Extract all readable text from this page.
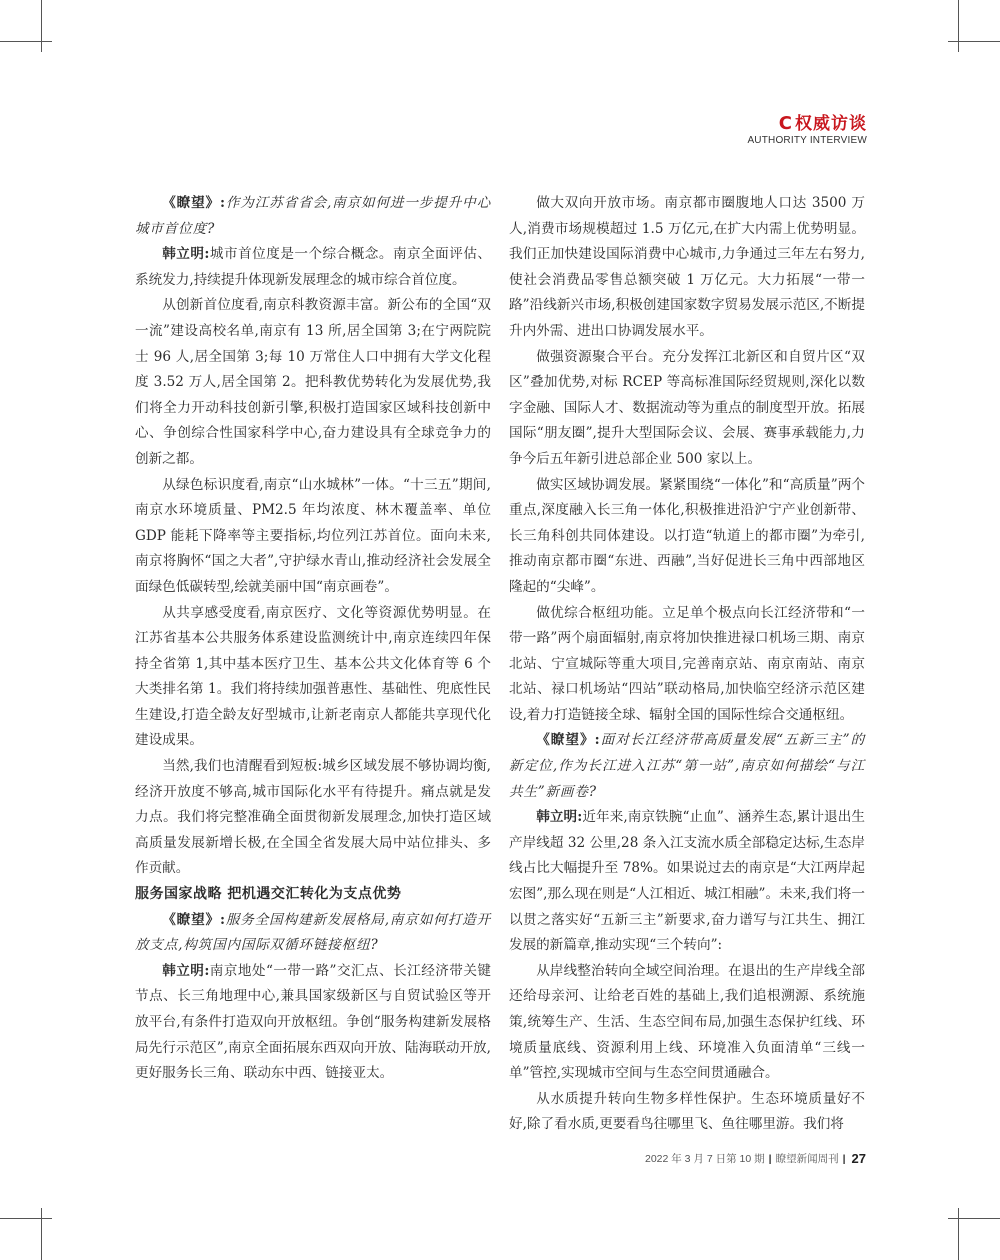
C 权威访谈
AUTHORITY INTERVIEW

《瞭望》:作为江苏省省会,南京如何进一步提升中心城市首位度?

韩立明:城市首位度是一个综合概念。南京全面评估、系统发力,持续提升体现新发展理念的城市综合首位度。

从创新首位度看,南京科教资源丰富。新公布的全国“双一流”建设高校名单,南京有 13 所,居全国第 3;在宁两院院士 96 人,居全国第 3;每 10 万常住人口中拥有大学文化程度 3.52 万人,居全国第 2。把科教优势转化为发展优势,我们将全力开动科技创新引擎,积极打造国家区域科技创新中心、争创综合性国家科学中心,奋力建设具有全球竞争力的创新之都。

从绿色标识度看,南京“山水城林”一体。“十三五”期间,南京水环境质量、PM2.5 年均浓度、林木覆盖率、单位 GDP 能耗下降率等主要指标,均位列江苏首位。面向未来,南京将胸怀“国之大者”,守护绿水青山,推动经济社会发展全面绿色低碳转型,绘就美丽中国“南京画卷”。

从共享感受度看,南京医疗、文化等资源优势明显。在江苏省基本公共服务体系建设监测统计中,南京连续四年保持全省第 1,其中基本医疗卫生、基本公共文化体育等 6 个大类排名第 1。我们将持续加强普惠性、基础性、兜底性民生建设,打造全龄友好型城市,让新老南京人都能共享现代化建设成果。

当然,我们也清醒看到短板:城乡区域发展不够协调均衡,经济开放度不够高,城市国际化水平有待提升。痛点就是发力点。我们将完整准确全面贯彻新发展理念,加快打造区域高质量发展新增长极,在全国全省发展大局中站位排头、多作贡献。

服务国家战略 把机遇交汇转化为支点优势

《瞭望》:服务全国构建新发展格局,南京如何打造开放支点,构筑国内国际双循环链接枢纽?

韩立明:南京地处“一带一路”交汇点、长江经济带关键节点、长三角地理中心,兼具国家级新区与自贸试验区等开放平台,有条件打造双向开放枢纽。争创“服务构建新发展格局先行示范区”,南京全面拓展东西双向开放、陆海联动开放,更好服务长三角、联动东中西、链接亚太。

做大双向开放市场。南京都市圈腹地人口达 3500 万人,消费市场规模超过 1.5 万亿元,在扩大内需上优势明显。我们正加快建设国际消费中心城市,力争通过三年左右努力,使社会消费品零售总额突破 1 万亿元。大力拓展“一带一路”沿线新兴市场,积极创建国家数字贸易发展示范区,不断提升内外需、进出口协调发展水平。

做强资源聚合平台。充分发挥江北新区和自贸片区“双区”叠加优势,对标 RCEP 等高标准国际经贸规则,深化以数字金融、国际人才、数据流动等为重点的制度型开放。拓展国际“朋友圈”,提升大型国际会议、会展、赛事承载能力,力争今后五年新引进总部企业 500 家以上。

做实区域协调发展。紧紧围绕“一体化”和“高质量”两个重点,深度融入长三角一体化,积极推进沿沪宁产业创新带、长三角科创共同体建设。以打造“轨道上的都市圈”为牵引,推动南京都市圈“东进、西融”,当好促进长三角中西部地区隆起的“尖峰”。

做优综合枢纽功能。立足单个极点向长江经济带和“一带一路”两个扇面辐射,南京将加快推进禄口机场三期、南京北站、宁宣城际等重大项目,完善南京站、南京南站、南京北站、禄口机场站“四站”联动格局,加快临空经济示范区建设,着力打造链接全球、辐射全国的国际性综合交通枢纽。

《瞭望》:面对长江经济带高质量发展“五新三主”的新定位,作为长江进入江苏“第一站”,南京如何描绘“与江共生”新画卷?

韩立明:近年来,南京铁腕“止血”、涵养生态,累计退出生产岸线超 32 公里,28 条入江支流水质全部稳定达标,生态岸线占比大幅提升至 78%。如果说过去的南京是“大江两岸起宏图”,那么现在则是“人江相近、城江相融”。未来,我们将一以贯之落实好“五新三主”新要求,奋力谱写与江共生、拥江发展的新篇章,推动实现“三个转向”:

从岸线整治转向全域空间治理。在退出的生产岸线全部还给母亲河、让给老百姓的基础上,我们追根溯源、系统施策,统筹生产、生活、生态空间布局,加强生态保护红线、环境质量底线、资源利用上线、环境准入负面清单“三线一单”管控,实现城市空间与生态空间贯通融合。

从水质提升转向生物多样性保护。生态环境质量好不好,除了看水质,更要看鸟往哪里飞、鱼往哪里游。我们将

2022 年 3 月 7 日第 10 期 | 瞭望新闻周刊 | 27
